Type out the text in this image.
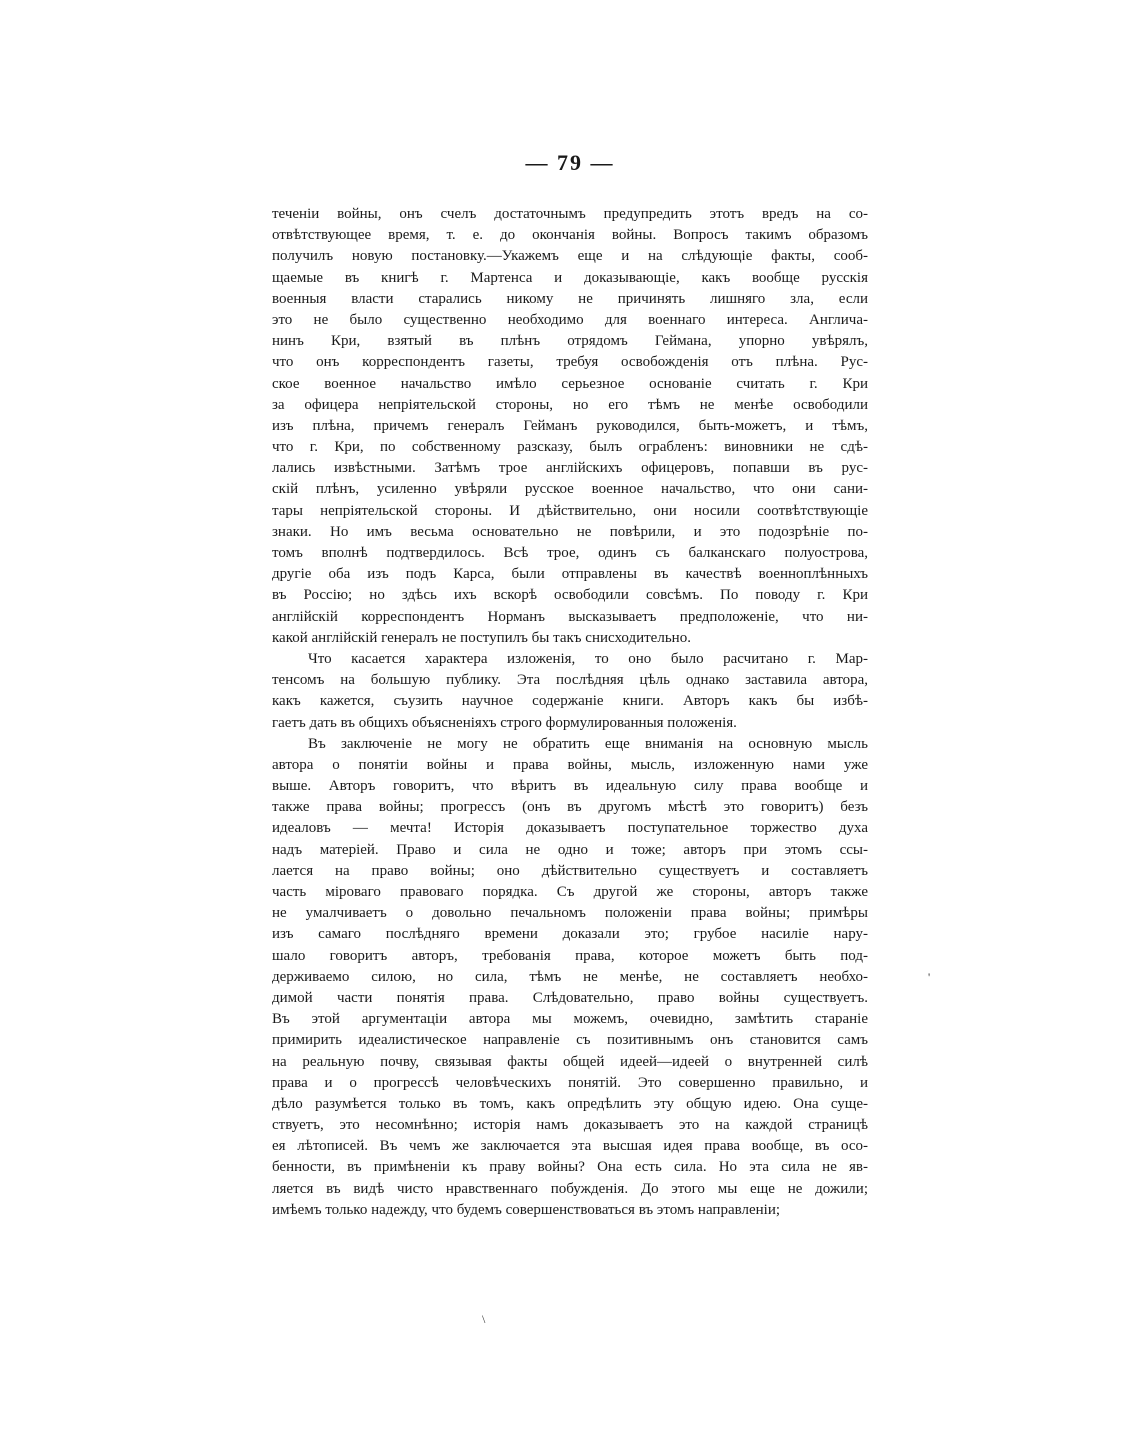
— 79 —
теченіи войны, онъ счелъ достаточнымъ предупредить этотъ вредъ на со-
отвѣтствующее время, т. е. до окончанія войны. Вопросъ такимъ образомъ
получилъ новую постановку.—Укажемъ еще и на слѣдующіе факты, сооб-
щаемые въ книгѣ г. Мартенса и доказывающіе, какъ вообще русскія
военныя власти старались никому не причинять лишняго зла, если
это не было существенно необходимо для военнаго интереса. Англича-
нинъ Кри, взятый въ плѣнъ отрядомъ Геймана, упорно увѣрялъ,
что онъ корреспондентъ газеты, требуя освобожденія отъ плѣна. Рус-
ское военное начальство имѣло серьезное основаніе считать г. Кри
за офицера непріятельской стороны, но его тѣмъ не менѣе освободили
изъ плѣна, причемъ генералъ Гейманъ руководился, быть-можетъ, и тѣмъ,
что г. Кри, по собственному разсказу, былъ ограбленъ: виновники не сдѣ-
лались извѣстными. Затѣмъ трое англійскихъ офицеровъ, попавши въ рус-
скій плѣнъ, усиленно увѣряли русское военное начальство, что они сани-
тары непріятельской стороны. И дѣйствительно, они носили соотвѣтствующіе
знаки. Но имъ весьма основательно не повѣрили, и это подозрѣніе по-
томъ вполнѣ подтвердилось. Всѣ трое, одинъ съ балканскаго полуострова,
другіе оба изъ подъ Карса, были отправлены въ качествѣ военноплѣнныхъ
въ Россію; но здѣсь ихъ вскорѣ освободили совсѣмъ. По поводу г. Кри
англійскій корреспондентъ Норманъ высказываетъ предположеніе, что ни-
какой англійскій генералъ не поступилъ бы такъ снисходительно.
Что касается характера изложенія, то оно было расчитано г. Мар-
тенсомъ на большую публику. Эта послѣдняя цѣль однако заставила автора,
какъ кажется, съузить научное содержаніе книги. Авторъ какъ бы избѣ-
гаетъ дать въ общихъ объясненіяхъ строго формулированныя положенія.
Въ заключеніе не могу не обратить еще вниманія на основную мысль
автора о понятіи войны и права войны, мысль, изложенную нами уже
выше. Авторъ говоритъ, что вѣритъ въ идеальную силу права вообще и
также права войны; прогрессъ (онъ въ другомъ мѣстѣ это говоритъ) безъ
идеаловъ — мечта! Исторія доказываетъ поступательное торжество духа
надъ матеріей. Право и сила не одно и тоже; авторъ при этомъ ссы-
лается на право войны; оно дѣйствительно существуетъ и составляетъ
часть міроваго правоваго порядка. Съ другой же стороны, авторъ также
не умалчиваетъ о довольно печальномъ положеніи права войны; примѣры
изъ самаго послѣдняго времени доказали это; грубое насиліе нару-
шало говоритъ авторъ, требованія права, которое можетъ быть под-
держиваемо силою, но сила, тѣмъ не менѣе, не составляетъ необхо-
димой части понятія права. Слѣдовательно, право войны существуетъ.
Въ этой аргументаціи автора мы можемъ, очевидно, замѣтить стараніе
примирить идеалистическое направленіе съ позитивнымъ онъ становится самъ
на реальную почву, связывая факты общей идеей—идеей о внутренней силѣ
права и о прогрессѣ человѣческихъ понятій. Это совершенно правильно, и
дѣло разумѣется только въ томъ, какъ опредѣлить эту общую идею. Она суще-
ствуетъ, это несомнѣнно; исторія намъ доказываетъ это на каждой страницѣ
ея лѣтописей. Въ чемъ же заключается эта высшая идея права вообще, въ осо-
бенности, въ примѣненіи къ праву войны? Она есть сила. Но эта сила не яв-
ляется въ видѣ чисто нравственнаго побужденія. До этого мы еще не дожили;
имѣемъ только надежду, что будемъ совершенствоваться въ этомъ направленіи;
\
'
